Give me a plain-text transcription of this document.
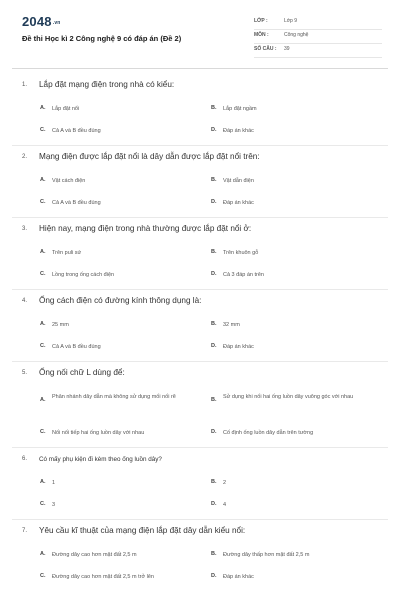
2048.vn
Đề thi Học kì 2 Công nghệ 9 có đáp án (Đề 2)
LỚP :	Lớp 9
MÔN :	Công nghệ
SỐ CÂU : 39
1. Lắp đặt mạng điện trong nhà có kiểu:
A. Lắp đặt nổi	B. Lắp đặt ngầm
C. Cả A và B đều đúng	D. Đáp án khác
2. Mạng điện được lắp đặt nổi là dây dẫn được lắp đặt nổi trên:
A. Vật cách điện	B. Vật dẫn điện
C. Cả A và B đều đúng	D. Đáp án khác
3. Hiện nay, mạng điện trong nhà thường được lắp đặt nổi ở:
A. Trên puli sứ	B. Trên khuôn gỗ
C. Lồng trong ống cách điện	D. Cả 3 đáp án trên
4. Ống cách điện có đường kính thông dụng là:
A. 25 mm	B. 32 mm
C. Cả A và B đều đúng	D. Đáp án khác
5. Ống nối chữ L dùng để:
A. Phân nhánh dây dẫn mà không sử dụng mối nối rẽ	B. Sử dụng khi nối hai ống luồn dây vuông góc với nhau
C. Nối nối tiếp hai ống luồn dây với nhau	D. Cố định ống luồn dây dẫn trên tường
6. Có mấy phụ kiện đi kèm theo ống luồn dây?
A. 1	B. 2
C. 3	D. 4
7. Yêu cầu kĩ thuật của mạng điện lắp đặt dây dẫn kiểu nổi:
A. Đường dây cao hơn mặt đất 2,5 m	B. Đường dây thấp hơn mặt đất 2,5 m
C. Đường dây cao hơn mặt đất 2,5 m trở lên	D. Đáp án khác
